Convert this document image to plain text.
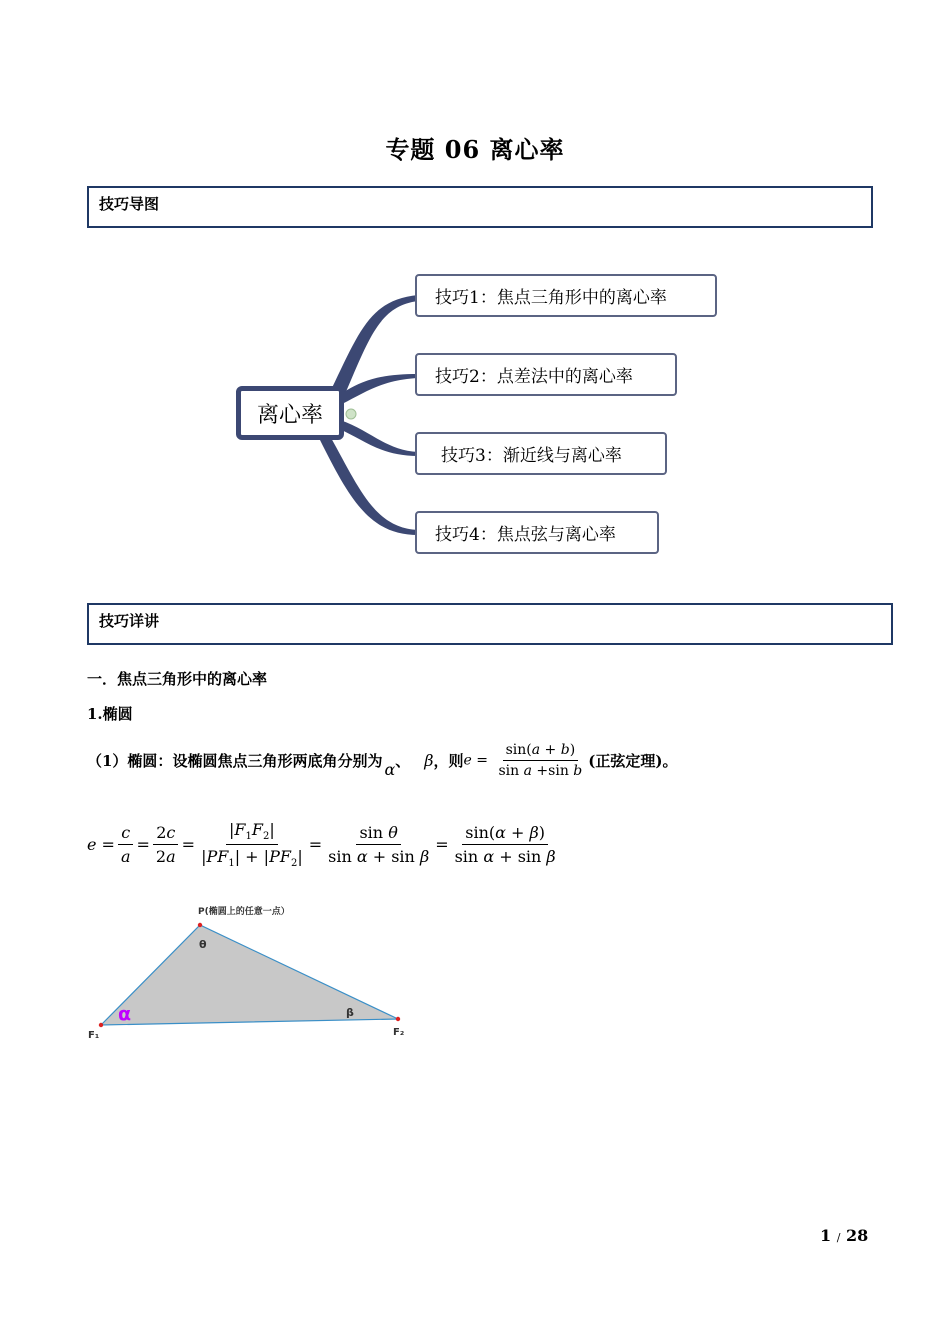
专题 06 离心率
技巧导图
离心率
技巧1：焦点三角形中的离心率
技巧2：点差法中的离心率
技巧3：渐近线与离心率
技巧4：焦点弦与离心率
技巧详讲
一．焦点三角形中的离心率
1.椭圆
（1）椭圆：设椭圆焦点三角形两底角分别为 α 、 β ，则 $e = \frac{\sin(a + b)}{\text{sin a +sin b}}$ (正弦定理)。
$e = \frac{c}{a} = \frac{2c}{2a} = \frac{|F_1F_2|}{|PF_1| + |PF_2|} = \frac{\text{sin θ}}{\text{sin α + sin β}} = \frac{\sin(\alpha + \beta)}{\text{sin α + sin β}}$
P(椭圆上的任意一点）
θ
α	β
F₁	F₂
1 / 28
